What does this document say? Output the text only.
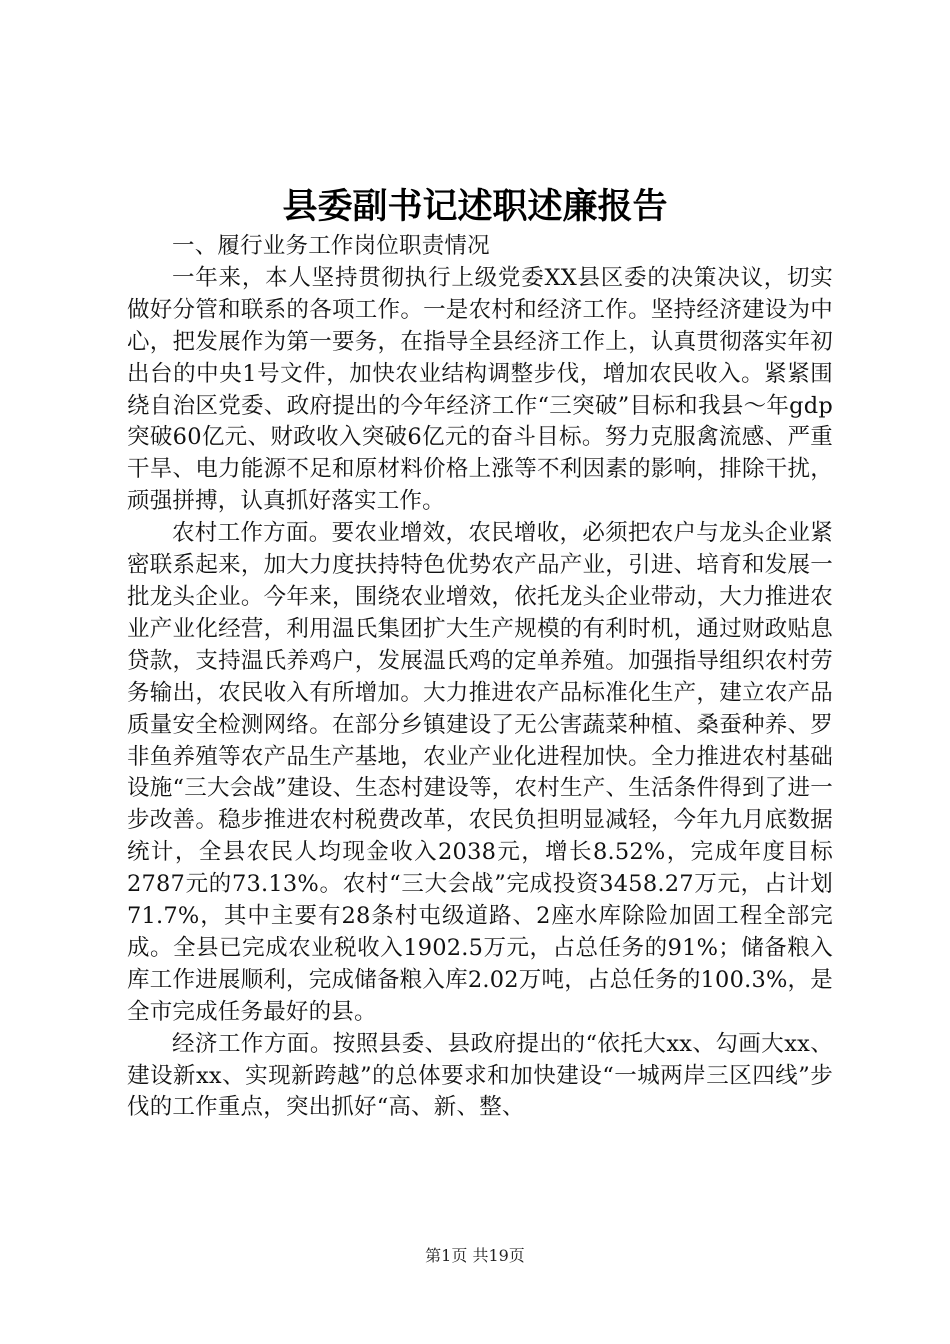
县委副书记述职述廉报告

一、履行业务工作岗位职责情况

一年来，本人坚持贯彻执行上级党委XX县区委的决策决议，切实做好分管和联系的各项工作。一是农村和经济工作。坚持经济建设为中心，把发展作为第一要务，在指导全县经济工作上，认真贯彻落实年初出台的中央1号文件，加快农业结构调整步伐，增加农民收入。紧紧围绕自治区党委、政府提出的今年经济工作“三突破”目标和我县～年gdp突破60亿元、财政收入突破6亿元的奋斗目标。努力克服禽流感、严重干旱、电力能源不足和原材料价格上涨等不利因素的影响，排除干扰，顽强拼搏，认真抓好落实工作。

农村工作方面。要农业增效，农民增收，必须把农户与龙头企业紧密联系起来，加大力度扶持特色优势农产品产业，引进、培育和发展一批龙头企业。今年来，围绕农业增效，依托龙头企业带动，大力推进农业产业化经营，利用温氏集团扩大生产规模的有利时机，通过财政贴息贷款，支持温氏养鸡户，发展温氏鸡的定单养殖。加强指导组织农村劳务输出，农民收入有所增加。大力推进农产品标准化生产，建立农产品质量安全检测网络。在部分乡镇建设了无公害蔬菜种植、桑蚕种养、罗非鱼养殖等农产品生产基地，农业产业化进程加快。全力推进农村基础设施“三大会战”建设、生态村建设等，农村生产、生活条件得到了进一步改善。稳步推进农村税费改革，农民负担明显减轻，今年九月底数据统计，全县农民人均现金收入2038元，增长8.52%，完成年度目标2787元的73.13%。农村“三大会战”完成投资3458.27万元，占计划71.7%，其中主要有28条村屯级道路、2座水库除险加固工程全部完成。全县已完成农业税收入1902.5万元，占总任务的91%；储备粮入库工作进展顺利，完成储备粮入库2.02万吨，占总任务的100.3%，是全市完成任务最好的县。

经济工作方面。按照县委、县政府提出的“依托大xx、勾画大xx、建设新xx、实现新跨越”的总体要求和加快建设“一城两岸三区四线”步伐的工作重点，突出抓好“高、新、整、

第1页 共19页
